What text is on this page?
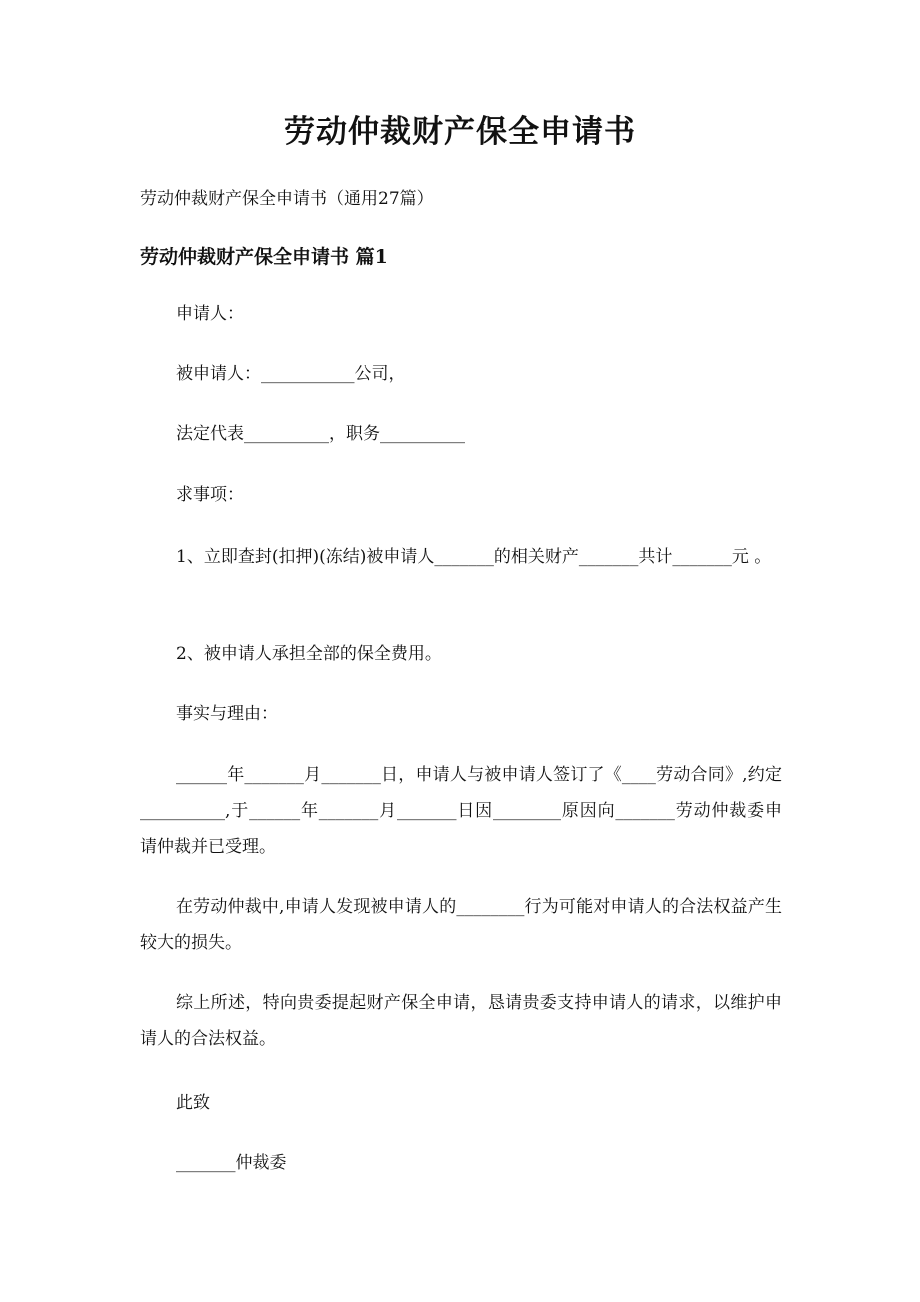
劳动仲裁财产保全申请书
劳动仲裁财产保全申请书（通用27篇）
劳动仲裁财产保全申请书 篇1
申请人：
被申请人：___________公司，
法定代表__________，职务__________
求事项：
1、立即查封(扣押)(冻结)被申请人_______的相关财产_______共计_______元 。
2、被申请人承担全部的保全费用。
事实与理由：
______年_______月_______日，申请人与被申请人签订了《____劳动合同》,约定__________,于______年_______月_______日因________原因向_______劳动仲裁委申请仲裁并已受理。
在劳动仲裁中,申请人发现被申请人的________行为可能对申请人的合法权益产生较大的损失。
综上所述，特向贵委提起财产保全申请，恳请贵委支持申请人的请求，以维护申请人的合法权益。
此致
_______仲裁委
